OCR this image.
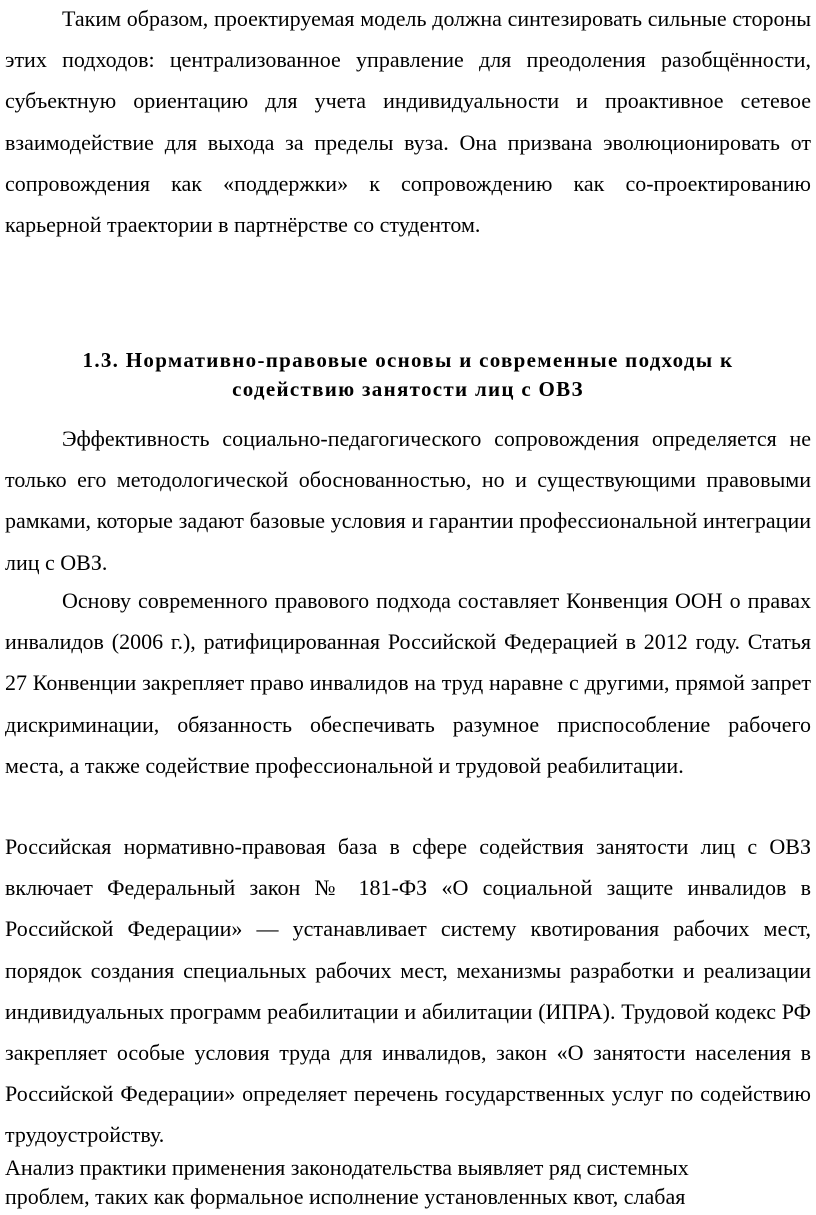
Таким образом, проектируемая модель должна синтезировать сильные стороны этих подходов: централизованное управление для преодоления разобщённости, субъектную ориентацию для учета индивидуальности и проактивное сетевое взаимодействие для выхода за пределы вуза. Она призвана эволюционировать от сопровождения как «поддержки» к сопровождению как со-проектированию карьерной траектории в партнёрстве со студентом.

1.3. Нормативно-правовые основы и современные подходы к
содействию занятости лиц с ОВЗ

Эффективность социально-педагогического сопровождения определяется не только его методологической обоснованностью, но и существующими правовыми рамками, которые задают базовые условия и гарантии профессиональной интеграции лиц с ОВЗ.

Основу современного правового подхода составляет Конвенция ООН о правах инвалидов (2006 г.), ратифицированная Российской Федерацией в 2012 году. Статья 27 Конвенции закрепляет право инвалидов на труд наравне с другими, прямой запрет дискриминации, обязанность обеспечивать разумное приспособление рабочего места, а также содействие профессиональной и трудовой реабилитации.

Российская нормативно-правовая база в сфере содействия занятости лиц с ОВЗ включает Федеральный закон № 181-ФЗ «О социальной защите инвалидов в Российской Федерации» — устанавливает систему квотирования рабочих мест, порядок создания специальных рабочих мест, механизмы разработки и реализации индивидуальных программ реабилитации и абилитации (ИПРА). Трудовой кодекс РФ закрепляет особые условия труда для инвалидов, закон «О занятости населения в Российской Федерации» определяет перечень государственных услуг по содействию трудоустройству.

Анализ практики применения законодательства выявляет ряд системных
проблем, таких как формальное исполнение установленных квот, слабая
